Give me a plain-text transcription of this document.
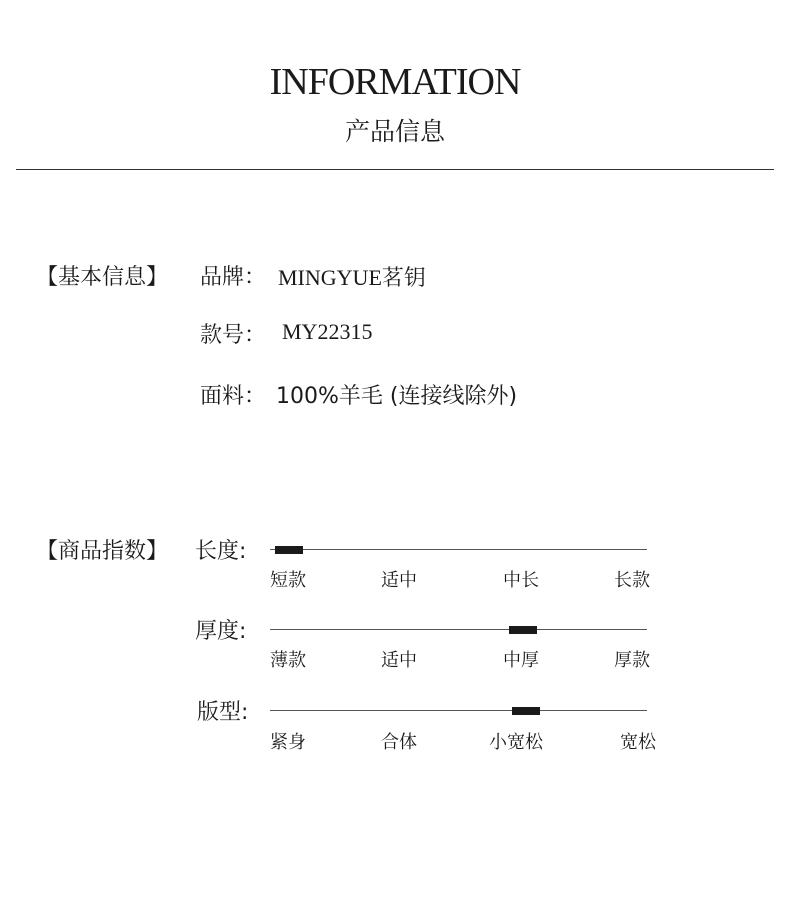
INFORMATION
产品信息
【基本信息】 品牌： MINGYUE茗钥
款号： MY22315
面料： 100%羊毛 (连接线除外)
【商品指数】 长度:
短款	适中	中长	长款
厚度:
薄款	适中	中厚	厚款
版型:
紧身	合体	小宽松	宽松
